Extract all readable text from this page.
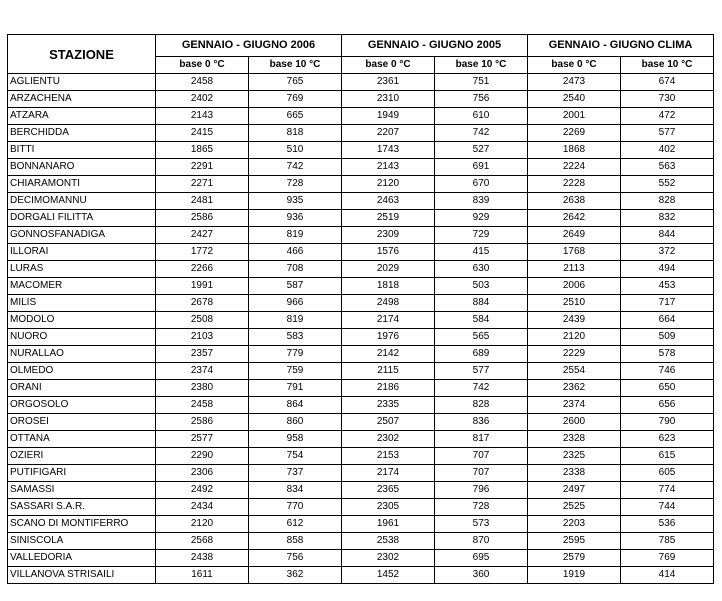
STAZIONE	GENNAIO - GIUGNO 2006		GENNAIO - GIUGNO 2005		GENNAIO - GIUGNO CLIMA	
	base 0 °C	base 10 °C	base 0 °C	base 10 °C	base 0 °C	base 10 °C
AGLIENTU	2458	765	2361	751	2473	674
ARZACHENA	2402	769	2310	756	2540	730
ATZARA	2143	665	1949	610	2001	472
BERCHIDDA	2415	818	2207	742	2269	577
BITTI	1865	510	1743	527	1868	402
BONNANARO	2291	742	2143	691	2224	563
CHIARAMONTI	2271	728	2120	670	2228	552
DECIMOMANNU	2481	935	2463	839	2638	828
DORGALI FILITTA	2586	936	2519	929	2642	832
GONNOSFANADIGA	2427	819	2309	729	2649	844
ILLORAI	1772	466	1576	415	1768	372
LURAS	2266	708	2029	630	2113	494
MACOMER	1991	587	1818	503	2006	453
MILIS	2678	966	2498	884	2510	717
MODOLO	2508	819	2174	584	2439	664
NUORO	2103	583	1976	565	2120	509
NURALLAO	2357	779	2142	689	2229	578
OLMEDO	2374	759	2115	577	2554	746
ORANI	2380	791	2186	742	2362	650
ORGOSOLO	2458	864	2335	828	2374	656
OROSEI	2586	860	2507	836	2600	790
OTTANA	2577	958	2302	817	2328	623
OZIERI	2290	754	2153	707	2325	615
PUTIFIGARI	2306	737	2174	707	2338	605
SAMASSI	2492	834	2365	796	2497	774
SASSARI S.A.R.	2434	770	2305	728	2525	744
SCANO DI MONTIFERRO	2120	612	1961	573	2203	536
SINISCOLA	2568	858	2538	870	2595	785
VALLEDORIA	2438	756	2302	695	2579	769
VILLANOVA STRISAILI	1611	362	1452	360	1919	414
